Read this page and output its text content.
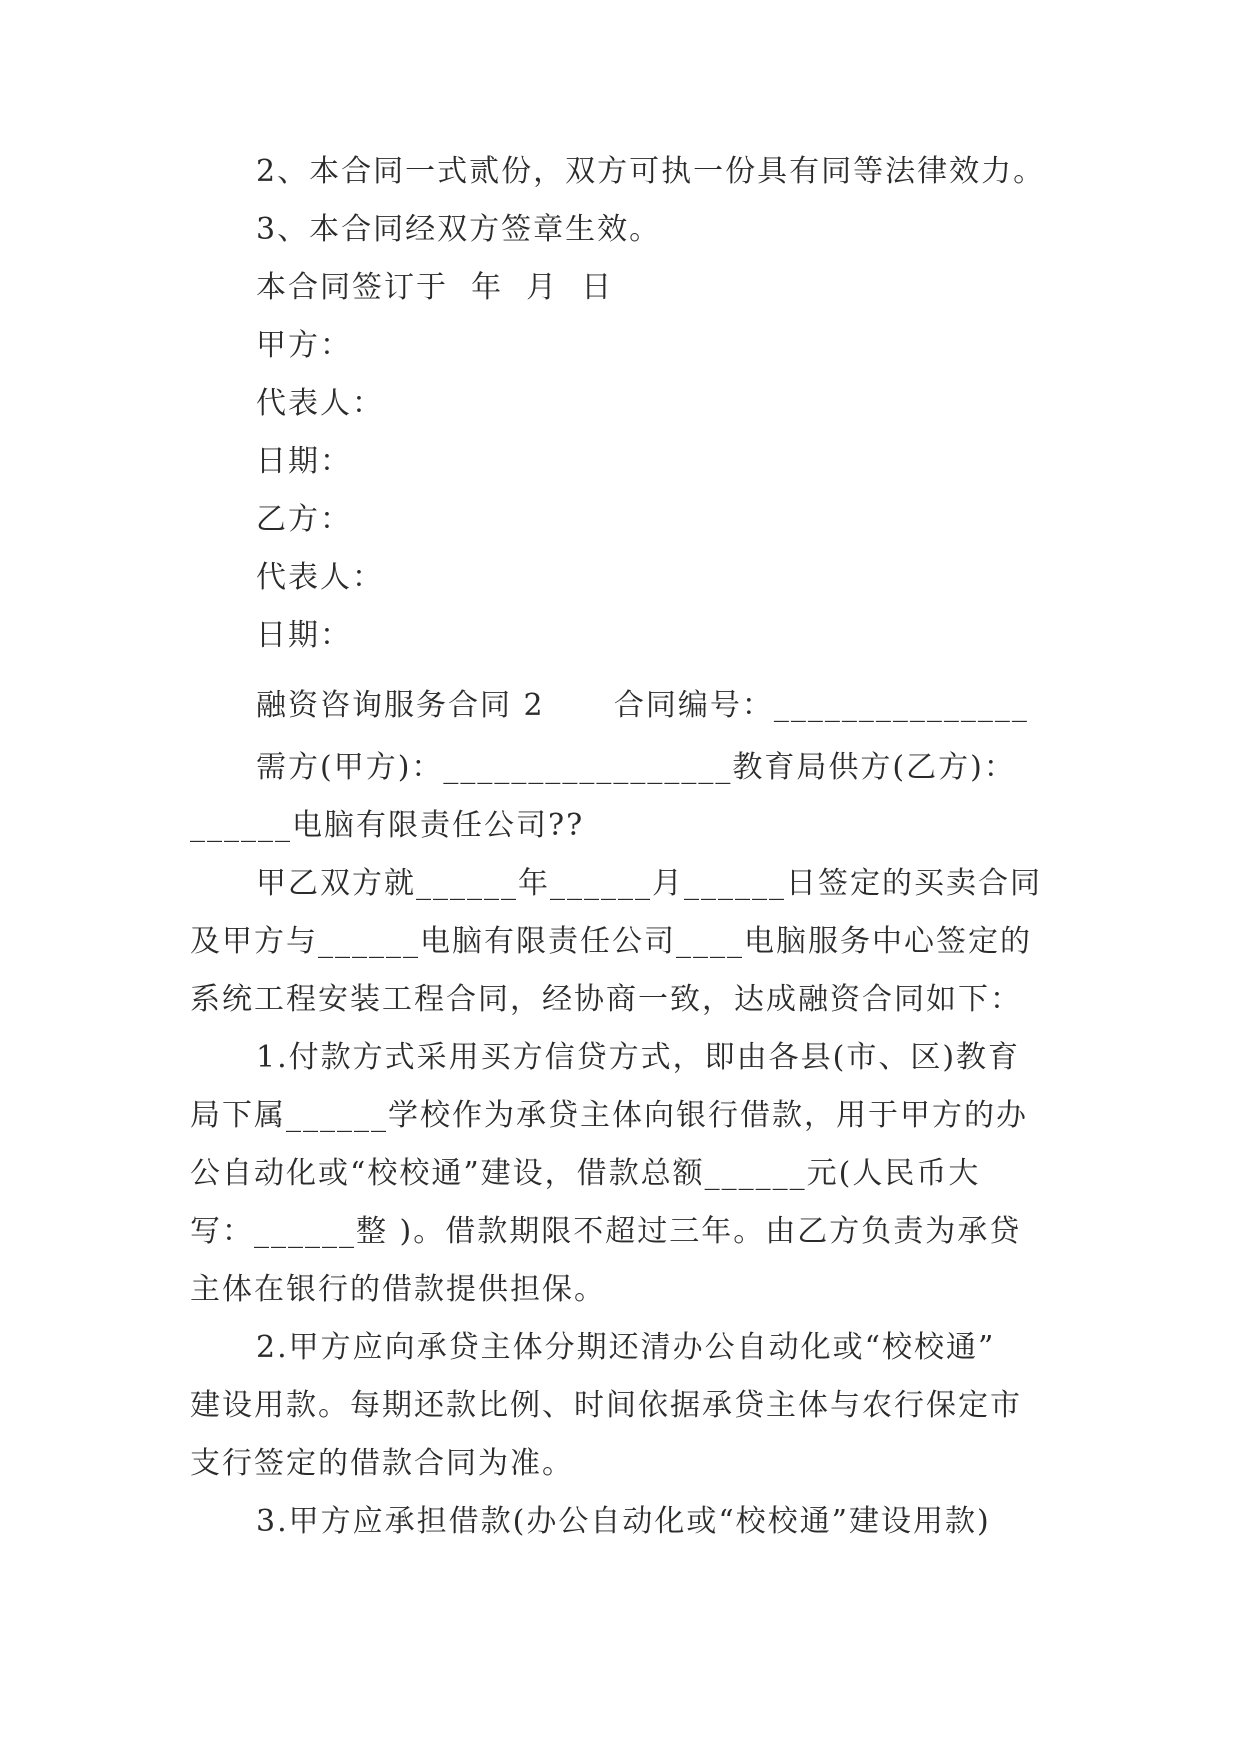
2、本合同一式贰份，双方可执一份具有同等法律效力。
3、本合同经双方签章生效。
本合同签订于  年  月  日
甲方：
代表人：
日期：
乙方：
代表人：
日期：
融资咨询服务合同 2      合同编号：_______________
需方(甲方)：_________________教育局供方(乙方)：
______电脑有限责任公司??
甲乙双方就______年______月______日签定的买卖合同
及甲方与______电脑有限责任公司____电脑服务中心签定的
系统工程安装工程合同，经协商一致，达成融资合同如下：
1.付款方式采用买方信贷方式，即由各县(市、区)教育
局下属______学校作为承贷主体向银行借款，用于甲方的办
公自动化或“校校通”建设，借款总额______元(人民币大
写：______整 )。借款期限不超过三年。由乙方负责为承贷
主体在银行的借款提供担保。
2.甲方应向承贷主体分期还清办公自动化或“校校通”
建设用款。每期还款比例、时间依据承贷主体与农行保定市
支行签定的借款合同为准。
3.甲方应承担借款(办公自动化或“校校通”建设用款)
